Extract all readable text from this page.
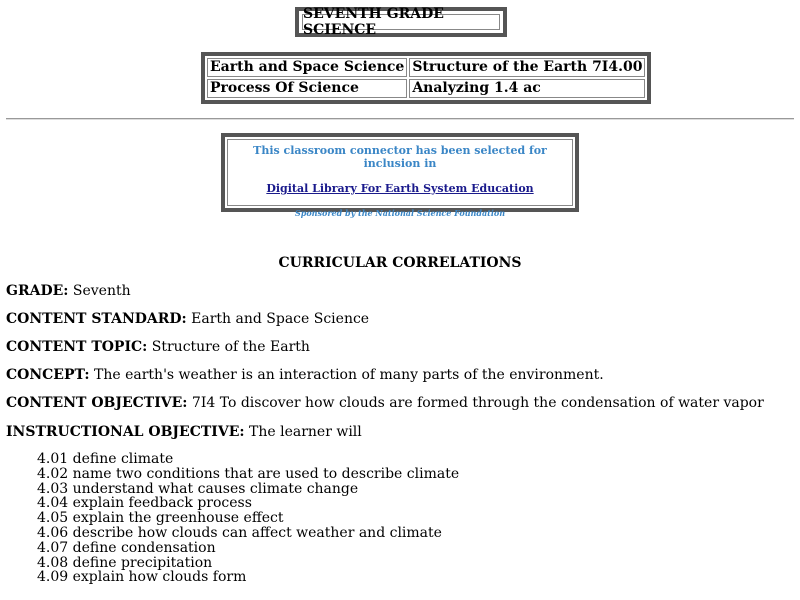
SEVENTH GRADE SCIENCE
Earth and Space Science	Structure of the Earth 7I4.00
Process Of Science	Analyzing 1.4 ac
This classroom connector has been selected for inclusion in
Digital Library For Earth System Education
Sponsored by the National Science Foundation
CURRICULAR CORRELATIONS
GRADE: Seventh
CONTENT STANDARD: Earth and Space Science
CONTENT TOPIC: Structure of the Earth
CONCEPT: The earth's weather is an interaction of many parts of the environment.
CONTENT OBJECTIVE: 7I4 To discover how clouds are formed through the condensation of water vapor
INSTRUCTIONAL OBJECTIVE: The learner will
4.01 define climate
4.02 name two conditions that are used to describe climate
4.03 understand what causes climate change
4.04 explain feedback process
4.05 explain the greenhouse effect
4.06 describe how clouds can affect weather and climate
4.07 define condensation
4.08 define precipitation
4.09 explain how clouds form
